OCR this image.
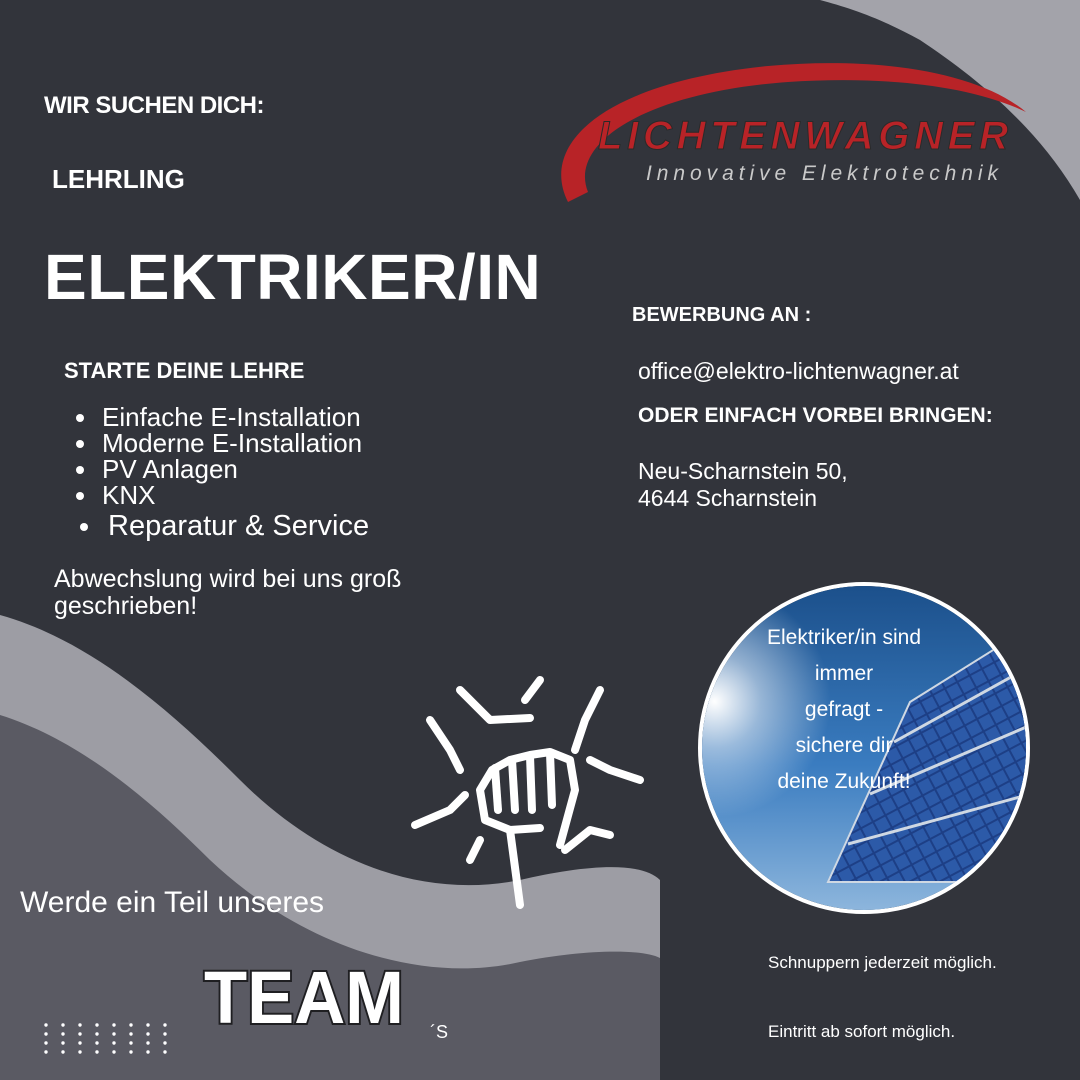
LICHTENWAGNER
Innovative Elektrotechnik
WIR SUCHEN DICH:
LEHRLING
ELEKTRIKER/IN
STARTE DEINE LEHRE
Einfache E-Installation
Moderne E-Installation
PV Anlagen
KNX
Reparatur & Service
Abwechslung wird bei uns groß geschrieben!
BEWERBUNG AN :
office@elektro-lichtenwagner.at
ODER EINFACH VORBEI BRINGEN:
Neu-Scharnstein 50,
4644 Scharnstein
Elektriker/in sind
immer
gefragt -
sichere dir
deine Zukunft!
Werde ein Teil unseres
TEAM ´S
Schnuppern jederzeit möglich.
Eintritt ab sofort möglich.
